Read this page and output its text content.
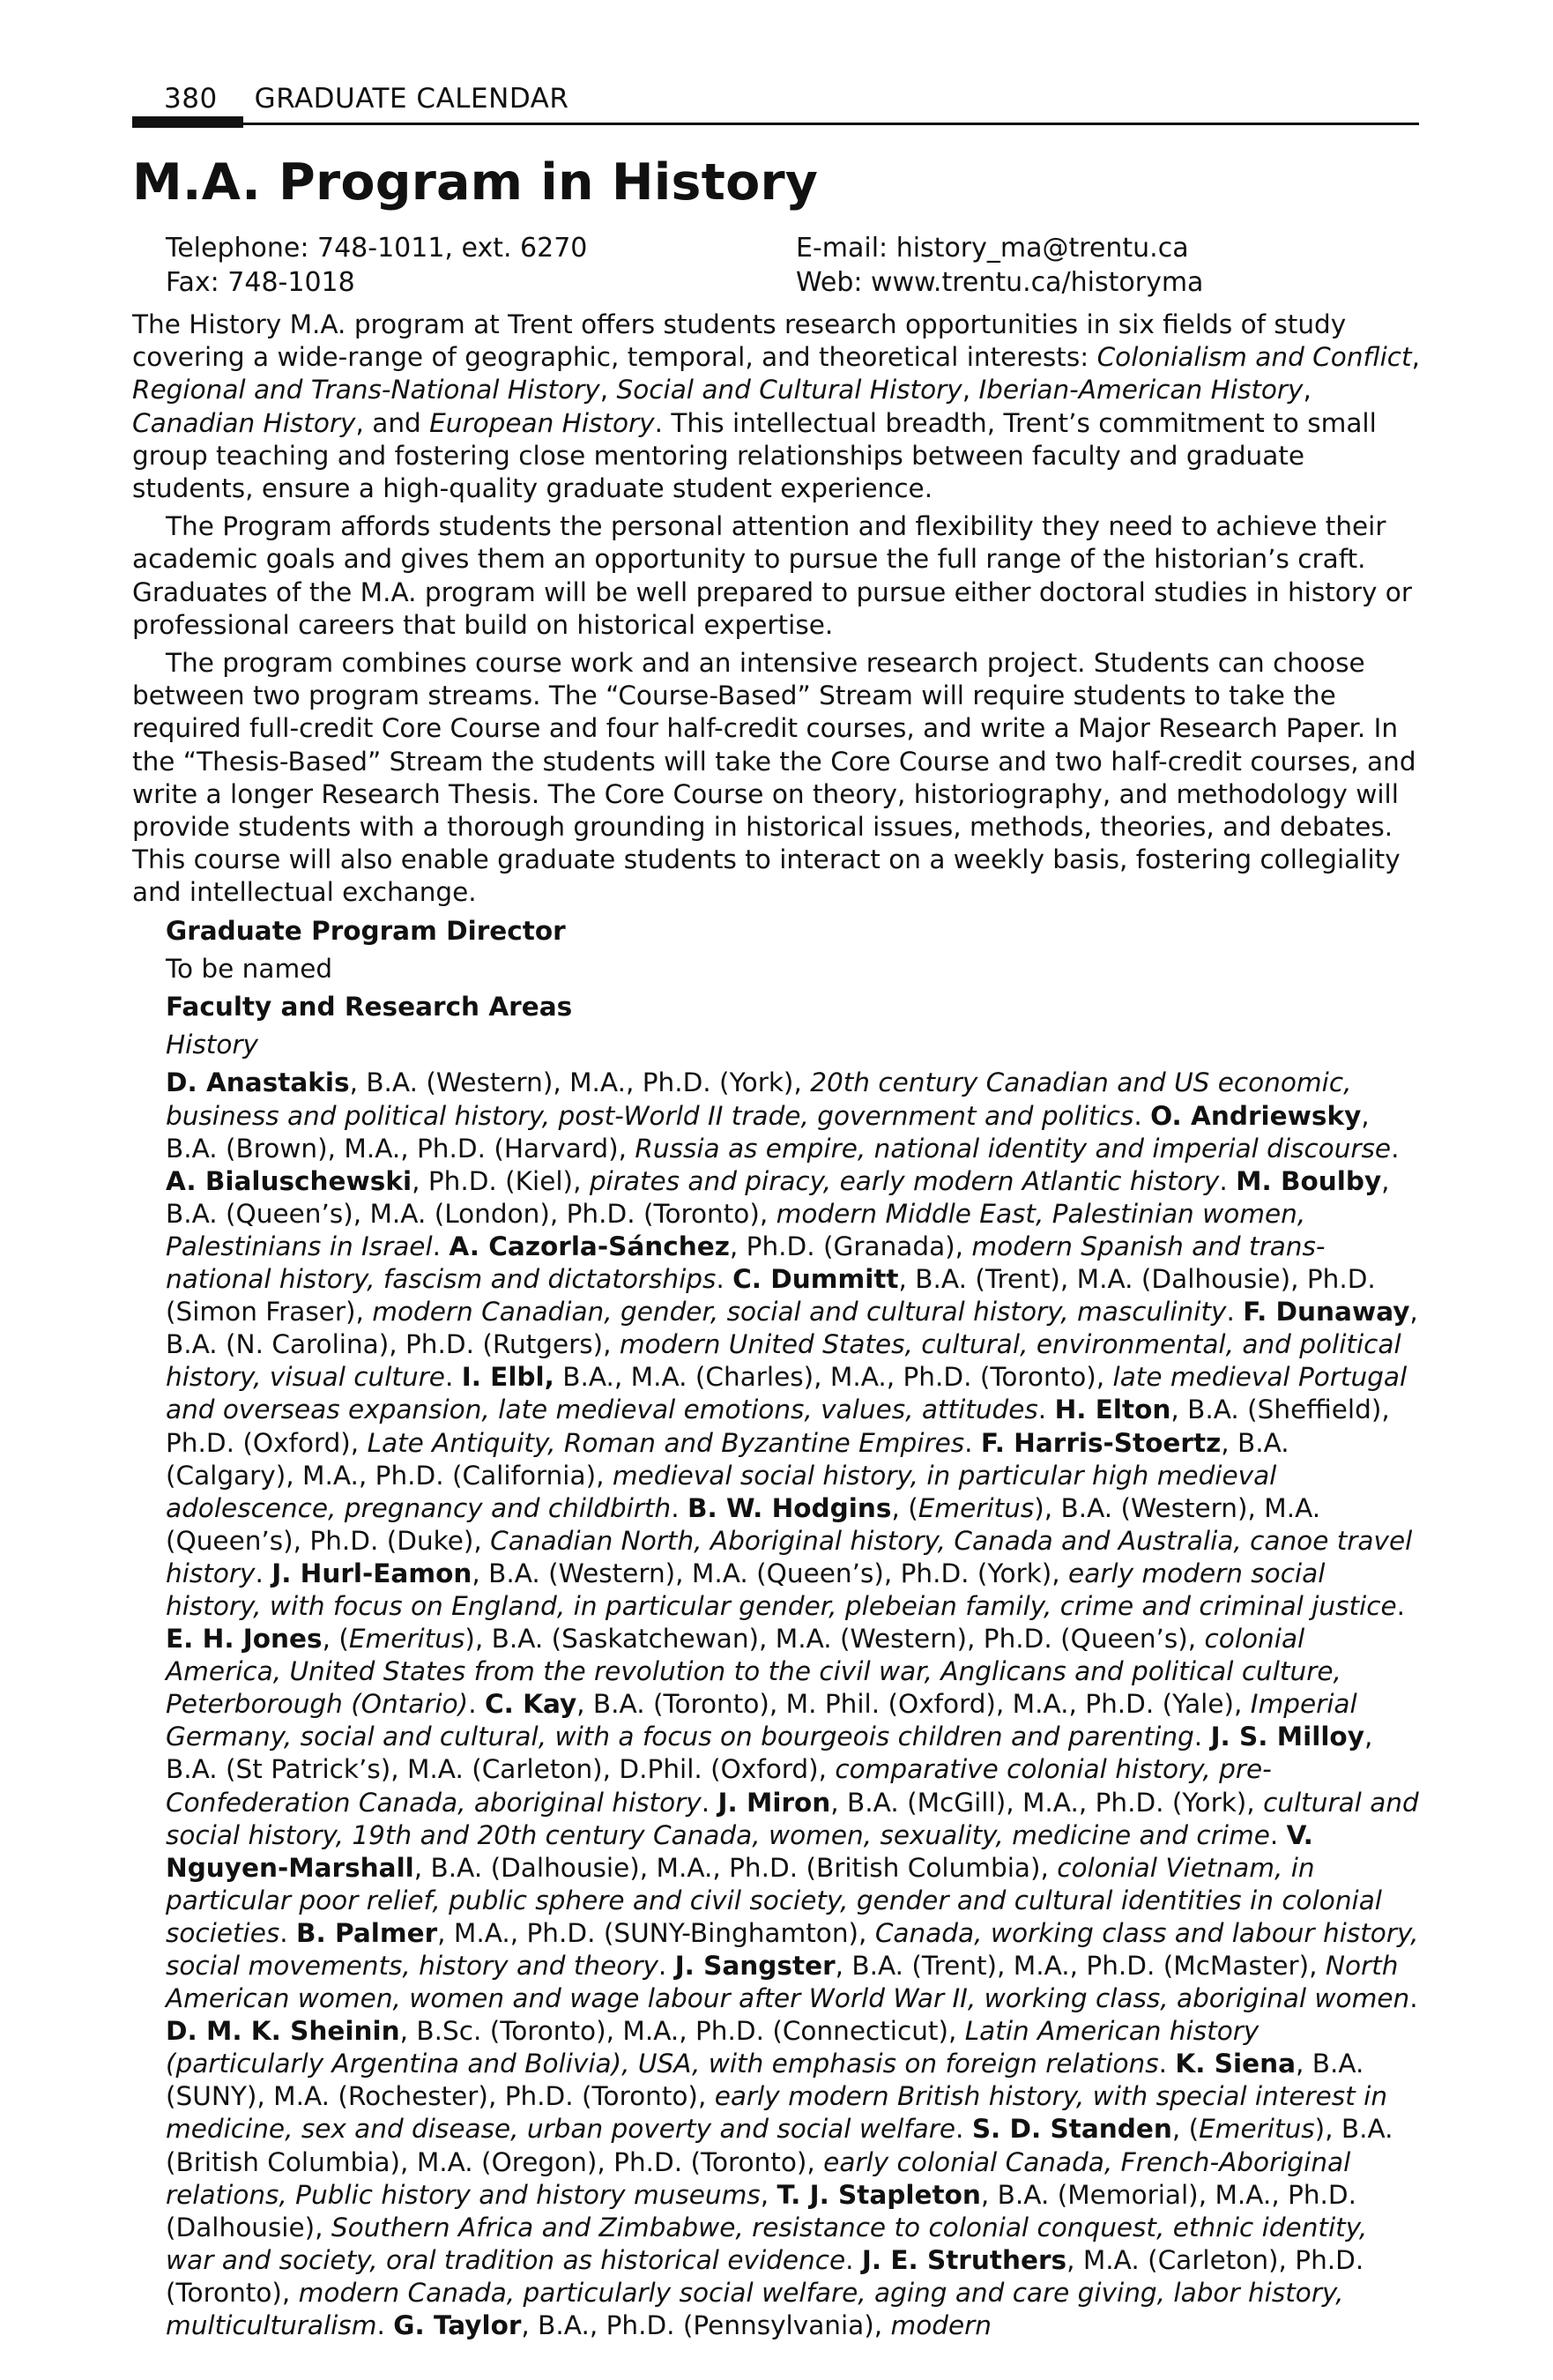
380 GRADUATE CALENDAR
M.A. Program in History
Telephone: 748-1011, ext. 6270
Fax: 748-1018
E-mail: history_ma@trentu.ca
Web: www.trentu.ca/historyma

The History M.A. program at Trent offers students research opportunities in six fields of study covering a wide-range of geographic, temporal, and theoretical interests: Colonialism and Conflict, Regional and Trans-National History, Social and Cultural History, Iberian-American History, Canadian History, and European History. This intellectual breadth, Trent’s commitment to small group teaching and fostering close mentoring relationships between faculty and graduate students, ensure a high-quality graduate student experience.

The Program affords students the personal attention and flexibility they need to achieve their academic goals and gives them an opportunity to pursue the full range of the historian’s craft. Graduates of the M.A. program will be well prepared to pursue either doctoral studies in history or professional careers that build on historical expertise.

The program combines course work and an intensive research project. Students can choose between two program streams. The “Course-Based” Stream will require students to take the required full-credit Core Course and four half-credit courses, and write a Major Research Paper. In the “Thesis-Based” Stream the students will take the Core Course and two half-credit courses, and write a longer Research Thesis. The Core Course on theory, historiography, and methodology will provide students with a thorough grounding in historical issues, methods, theories, and debates. This course will also enable graduate students to interact on a weekly basis, fostering collegiality and intellectual exchange.

Graduate Program Director

To be named

Faculty and Research Areas

History

D. Anastakis, B.A. (Western), M.A., Ph.D. (York), 20th century Canadian and US economic, business and political history, post-World II trade, government and politics. O. Andriewsky, B.A. (Brown), M.A., Ph.D. (Harvard), Russia as empire, national identity and imperial discourse. A. Bialuschewski, Ph.D. (Kiel), pirates and piracy, early modern Atlantic history. M. Boulby, B.A. (Queen’s), M.A. (London), Ph.D. (Toronto), modern Middle East, Palestinian women, Palestinians in Israel. A. Cazorla-Sánchez, Ph.D. (Granada), modern Spanish and trans-national history, fascism and dictatorships. C. Dummitt, B.A. (Trent), M.A. (Dalhousie), Ph.D. (Simon Fraser), modern Canadian, gender, social and cultural history, masculinity. F. Dunaway, B.A. (N. Carolina), Ph.D. (Rutgers), modern United States, cultural, environmental, and political history, visual culture. I. Elbl, B.A., M.A. (Charles), M.A., Ph.D. (Toronto), late medieval Portugal and overseas expansion, late medieval emotions, values, attitudes. H. Elton, B.A. (Sheffield), Ph.D. (Oxford), Late Antiquity, Roman and Byzantine Empires. F. Harris-Stoertz, B.A. (Calgary), M.A., Ph.D. (California), medieval social history, in particular high medieval adolescence, pregnancy and childbirth. B. W. Hodgins, (Emeritus), B.A. (Western), M.A. (Queen’s), Ph.D. (Duke), Canadian North, Aboriginal history, Canada and Australia, canoe travel history. J. Hurl-Eamon, B.A. (Western), M.A. (Queen’s), Ph.D. (York), early modern social history, with focus on England, in particular gender, plebeian family, crime and criminal justice. E. H. Jones, (Emeritus), B.A. (Saskatchewan), M.A. (Western), Ph.D. (Queen’s), colonial America, United States from the revolution to the civil war, Anglicans and political culture, Peterborough (Ontario). C. Kay, B.A. (Toronto), M. Phil. (Oxford), M.A., Ph.D. (Yale), Imperial Germany, social and cultural, with a focus on bourgeois children and parenting. J. S. Milloy, B.A. (St Patrick’s), M.A. (Carleton), D.Phil. (Oxford), comparative colonial history, pre-Confederation Canada, aboriginal history. J. Miron, B.A. (McGill), M.A., Ph.D. (York), cultural and social history, 19th and 20th century Canada, women, sexuality, medicine and crime. V. Nguyen-Marshall, B.A. (Dalhousie), M.A., Ph.D. (British Columbia), colonial Vietnam, in particular poor relief, public sphere and civil society, gender and cultural identities in colonial societies. B. Palmer, M.A., Ph.D. (SUNY-Binghamton), Canada, working class and labour history, social movements, history and theory. J. Sangster, B.A. (Trent), M.A., Ph.D. (McMaster), North American women, women and wage labour after World War II, working class, aboriginal women. D. M. K. Sheinin, B.Sc. (Toronto), M.A., Ph.D. (Connecticut), Latin American history (particularly Argentina and Bolivia), USA, with emphasis on foreign relations. K. Siena, B.A. (SUNY), M.A. (Rochester), Ph.D. (Toronto), early modern British history, with special interest in medicine, sex and disease, urban poverty and social welfare. S. D. Standen, (Emeritus), B.A. (British Columbia), M.A. (Oregon), Ph.D. (Toronto), early colonial Canada, French-Aboriginal relations, Public history and history museums, T. J. Stapleton, B.A. (Memorial), M.A., Ph.D. (Dalhousie), Southern Africa and Zimbabwe, resistance to colonial conquest, ethnic identity, war and society, oral tradition as historical evidence. J. E. Struthers, M.A. (Carleton), Ph.D. (Toronto), modern Canada, particularly social welfare, aging and care giving, labor history, multiculturalism. G. Taylor, B.A., Ph.D. (Pennsylvania), modern
